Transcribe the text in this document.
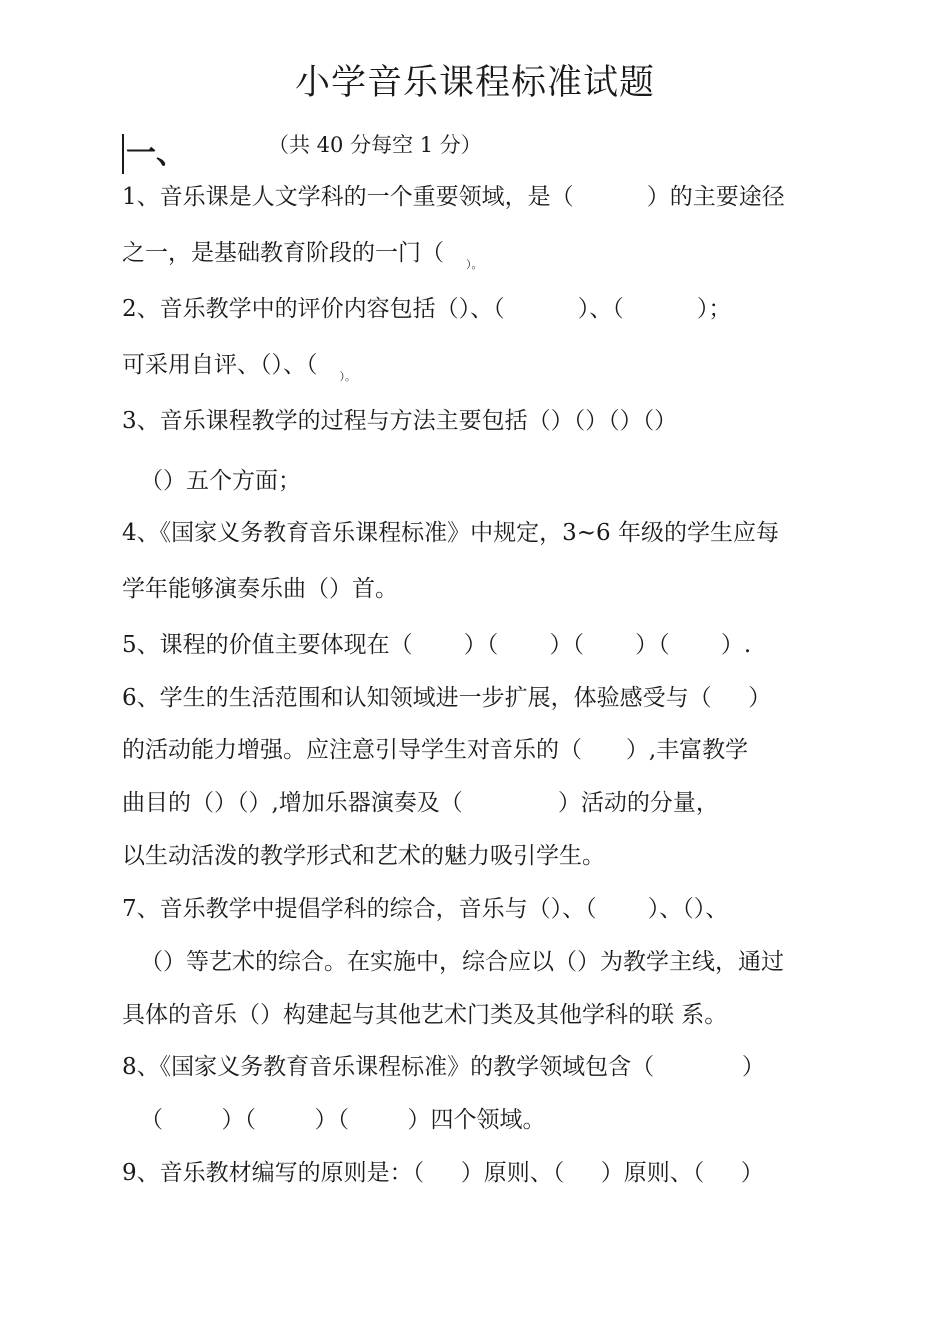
小学音乐课程标准试题
一、	（共 40 分每空 1 分）
1、音乐课是人文学科的一个重要领域，是（          ）的主要途径
之一，是基础教育阶段的一门（ $_{)。}$
2、音乐教学中的评价内容包括（）、（          ）、（          ）；
可采用自评、（）、（ $_{)。}$
3、音乐课程教学的过程与方法主要包括（）（）（）（）
（）五个方面；
4、《国家义务教育音乐课程标准》中规定，3~6 年级的学生应每
学年能够演奏乐曲（）首。
5、课程的价值主要体现在（       ）（       ）（       ）（       ）.
6、学生的生活范围和认知领域进一步扩展，体验感受与（     ）
的活动能力增强。应注意引导学生对音乐的（      ）,丰富教学
曲目的（）（）,增加乐器演奏及（             ）活动的分量，
以生动活泼的教学形式和艺术的魅力吸引学生。
7、音乐教学中提倡学科的综合，音乐与（）、（       ）、（）、
（）等艺术的综合。在实施中，综合应以（）为教学主线，通过
具体的音乐（）构建起与其他艺术门类及其他学科的联 系。
8、《国家义务教育音乐课程标准》的教学领域包含（            ）
（        ）（        ）（        ）四个领域。
9、音乐教材编写的原则是：（     ）原则、（     ）原则、（     ）
